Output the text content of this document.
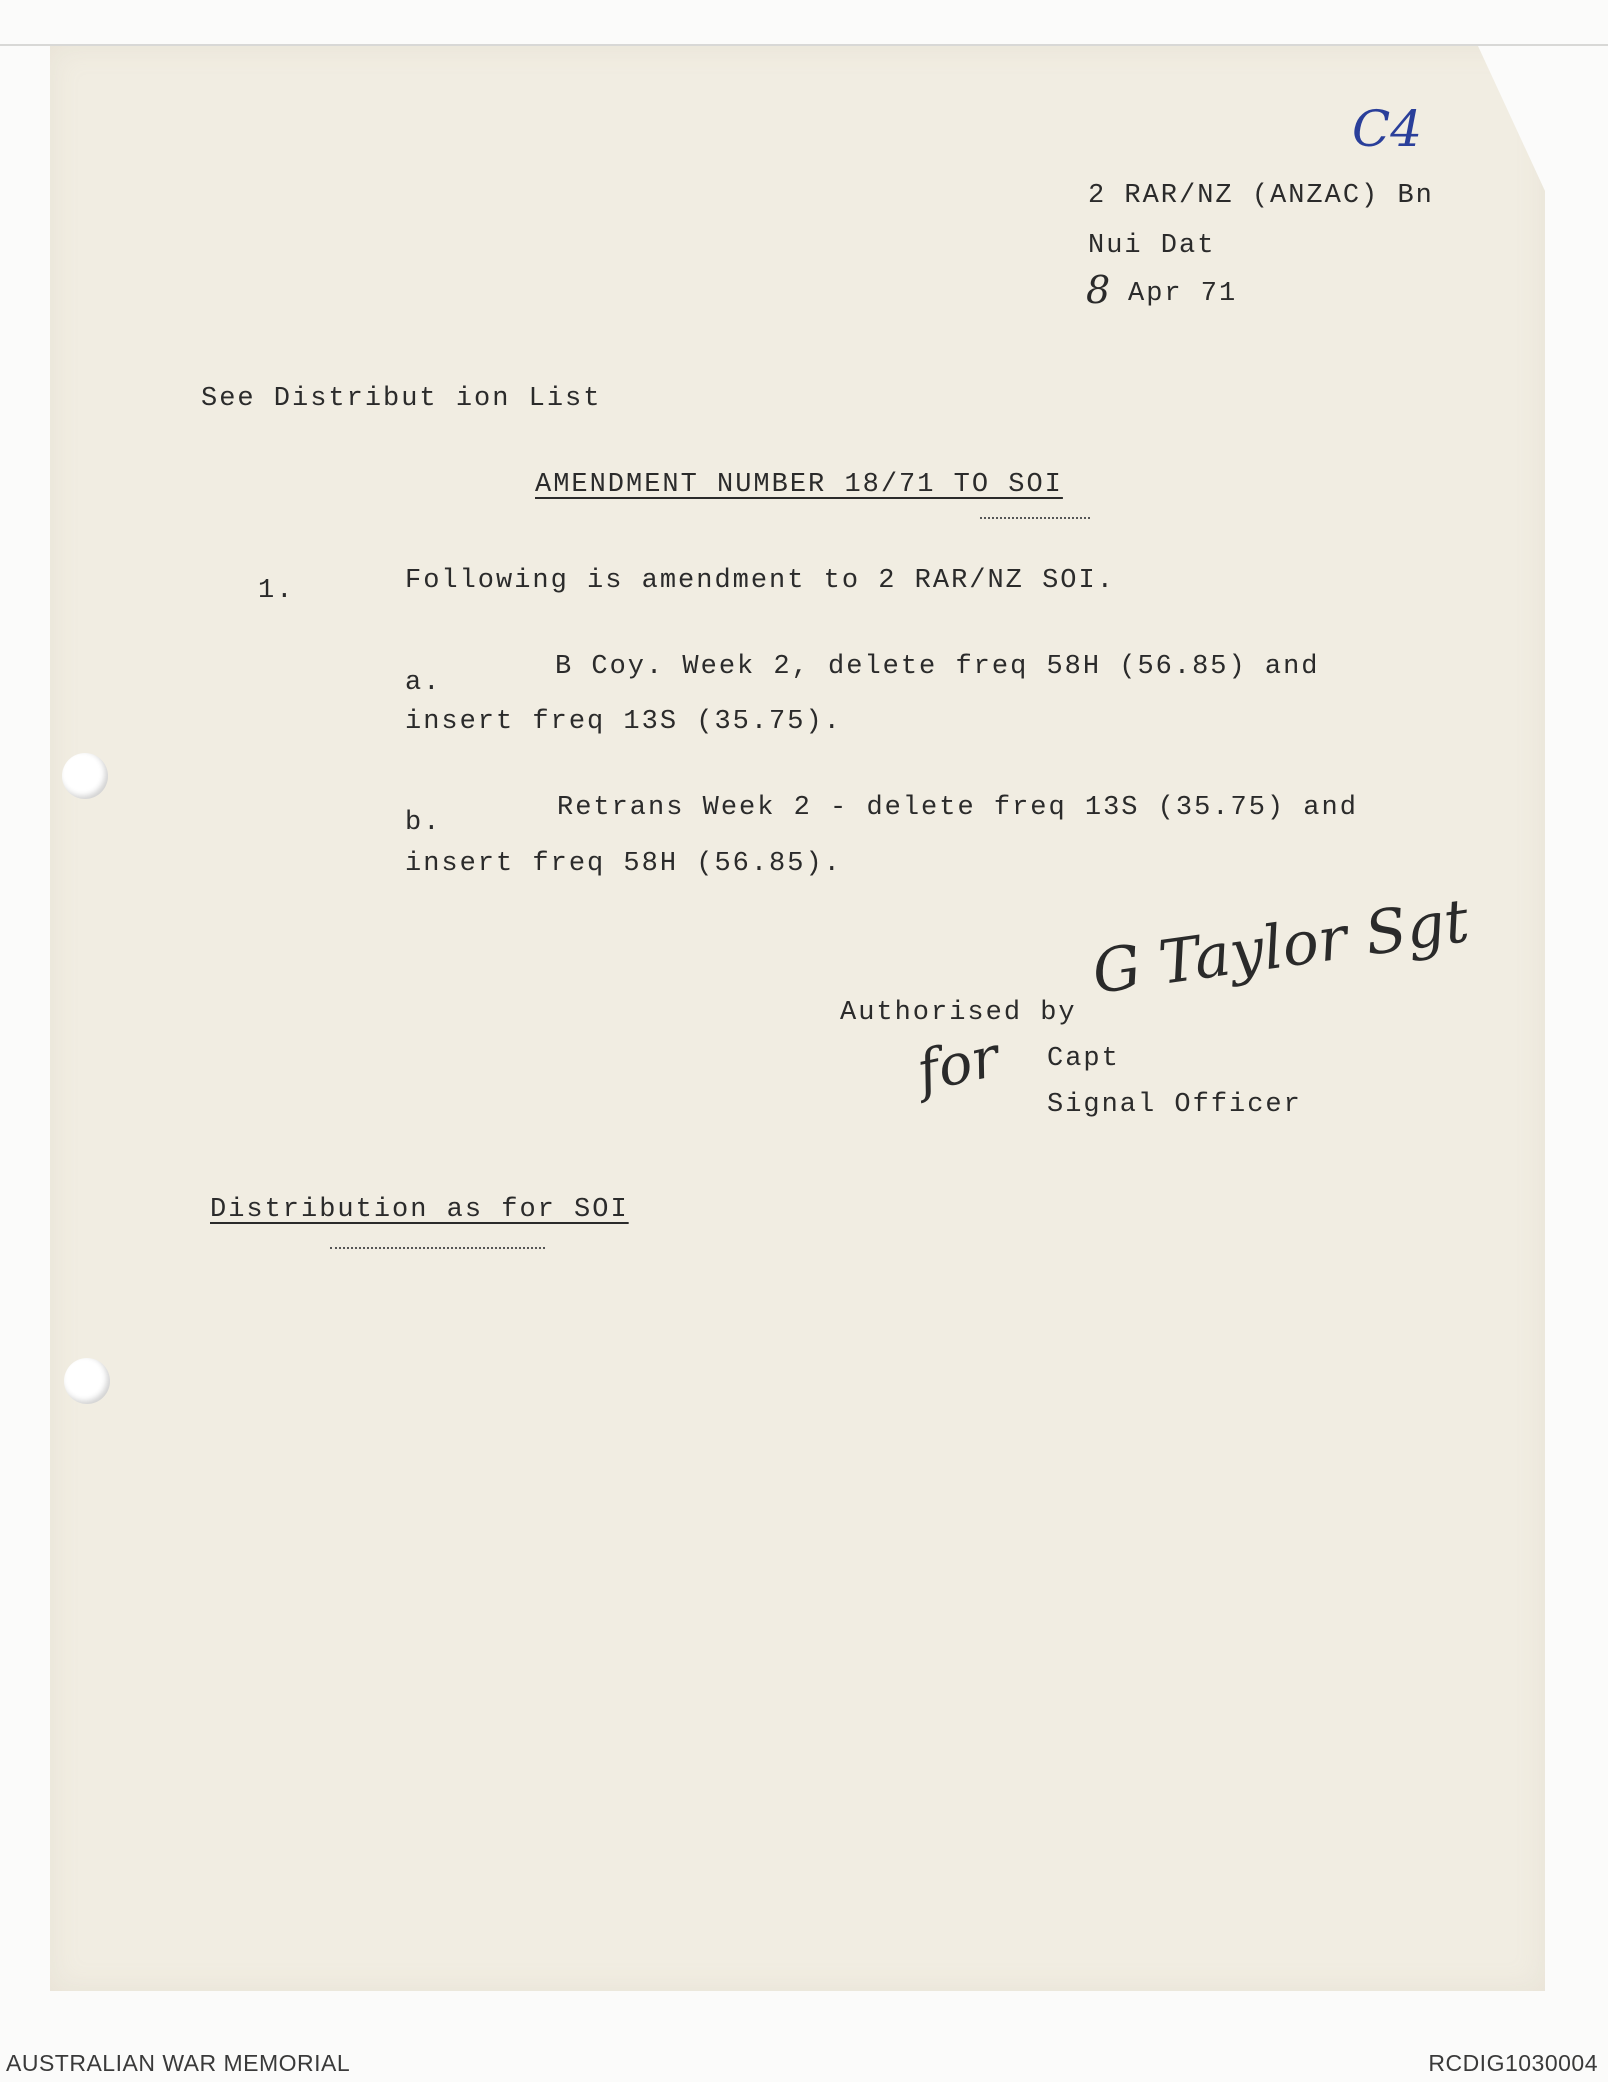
C4
2 RAR/NZ (ANZAC) Bn
Nui Dat
8 Apr 71
See Distribut ion List
AMENDMENT NUMBER 18/71 TO SOI
1.	Following is amendment to 2 RAR/NZ SOI.
a.
B Coy. Week 2, delete freq 58H (56.85) and
insert freq 13S (35.75).
b.	Retrans Week 2 - delete freq 13S (35.75) and
insert freq 58H (56.85).
Authorised by
G Taylor Sgt
for Capt
Signal Officer
Distribution as for SOI
AUSTRALIAN WAR MEMORIAL	RCDIG1030004
